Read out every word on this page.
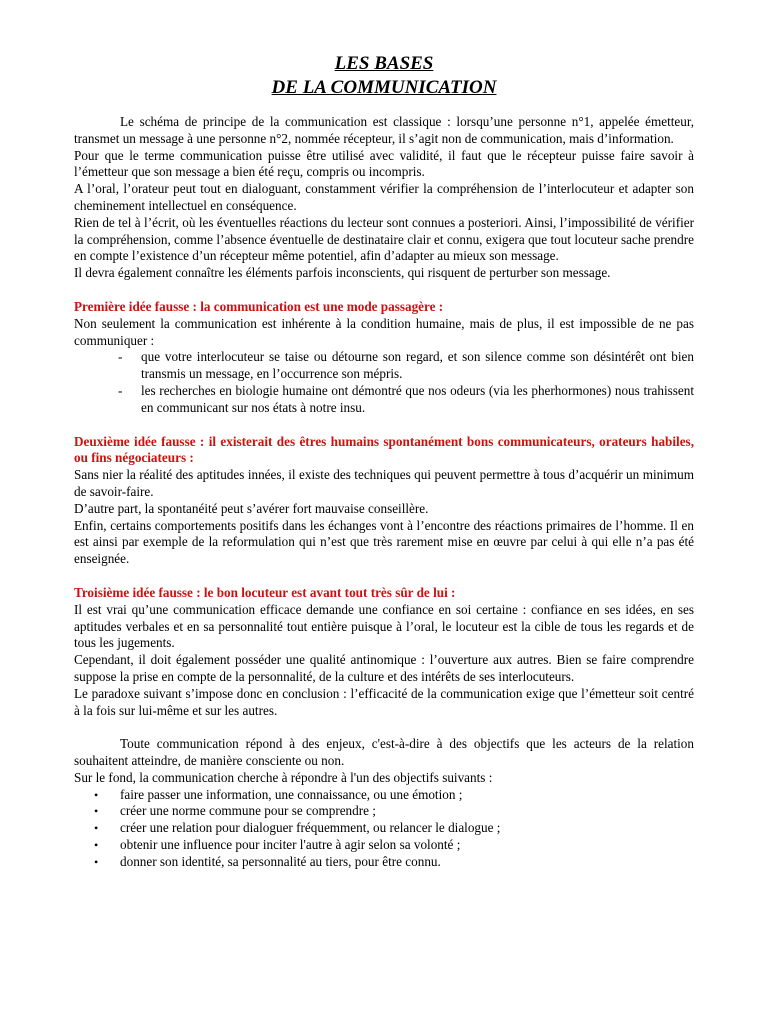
LES BASES
DE LA COMMUNICATION

Le schéma de principe de la communication est classique : lorsqu’une personne n°1, appelée émetteur, transmet un message à une personne n°2, nommée récepteur, il s’agit non de communication, mais d’information.

Pour que le terme communication puisse être utilisé avec validité, il faut que le récepteur puisse faire savoir à l’émetteur que son message a bien été reçu, compris ou incompris.

A l’oral, l’orateur peut tout en dialoguant, constamment vérifier la compréhension de l’interlocuteur et adapter son cheminement intellectuel en conséquence.

Rien de tel à l’écrit, où les éventuelles réactions du lecteur sont connues a posteriori. Ainsi, l’impossibilité de vérifier la compréhension, comme l’absence éventuelle de destinataire clair et connu, exigera que tout locuteur sache prendre en compte l’existence d’un récepteur même potentiel, afin d’adapter au mieux son message.

Il devra également connaître les éléments parfois inconscients, qui risquent de perturber son message.

Première idée fausse : la communication est une mode passagère :

Non seulement la communication est inhérente à la condition humaine, mais de plus, il est impossible de ne pas communiquer :

- que votre interlocuteur se taise ou détourne son regard, et son silence comme son désintérêt ont bien transmis un message, en l’occurrence son mépris.
- les recherches en biologie humaine ont démontré que nos odeurs (via les pherhormones) nous trahissent en communicant sur nos états à notre insu.

Deuxième idée fausse : il existerait des êtres humains spontanément bons communicateurs, orateurs habiles, ou fins négociateurs :

Sans nier la réalité des aptitudes innées, il existe des techniques qui peuvent permettre à tous d’acquérir un minimum de savoir-faire.

D’autre part, la spontanéité peut s’avérer fort mauvaise conseillère.

Enfin, certains comportements positifs dans les échanges vont à l’encontre des réactions primaires de l’homme. Il en est ainsi par exemple de la reformulation qui n’est que très rarement mise en œuvre par celui à qui elle n’a pas été enseignée.

Troisième idée fausse : le bon locuteur est avant tout très sûr de lui :

Il est vrai qu’une communication efficace demande une confiance en soi certaine : confiance en ses idées, en ses aptitudes verbales et en sa personnalité tout entière puisque à l’oral, le locuteur est la cible de tous les regards et de tous les jugements.

Cependant, il doit également posséder une qualité antinomique : l’ouverture aux autres. Bien se faire comprendre suppose la prise en compte de la personnalité, de la culture et des intérêts de ses interlocuteurs.

Le paradoxe suivant s’impose donc en conclusion : l’efficacité de la communication exige que l’émetteur soit centré à la fois sur lui-même et sur les autres.

Toute communication répond à des enjeux, c'est-à-dire à des objectifs que les acteurs de la relation souhaitent atteindre, de manière consciente ou non.

Sur le fond, la communication cherche à répondre à l'un des objectifs suivants :

• faire passer une information, une connaissance, ou une émotion ;
• créer une norme commune pour se comprendre ;
• créer une relation pour dialoguer fréquemment, ou relancer le dialogue ;
• obtenir une influence pour inciter l'autre à agir selon sa volonté ;
• donner son identité, sa personnalité au tiers, pour être connu.
